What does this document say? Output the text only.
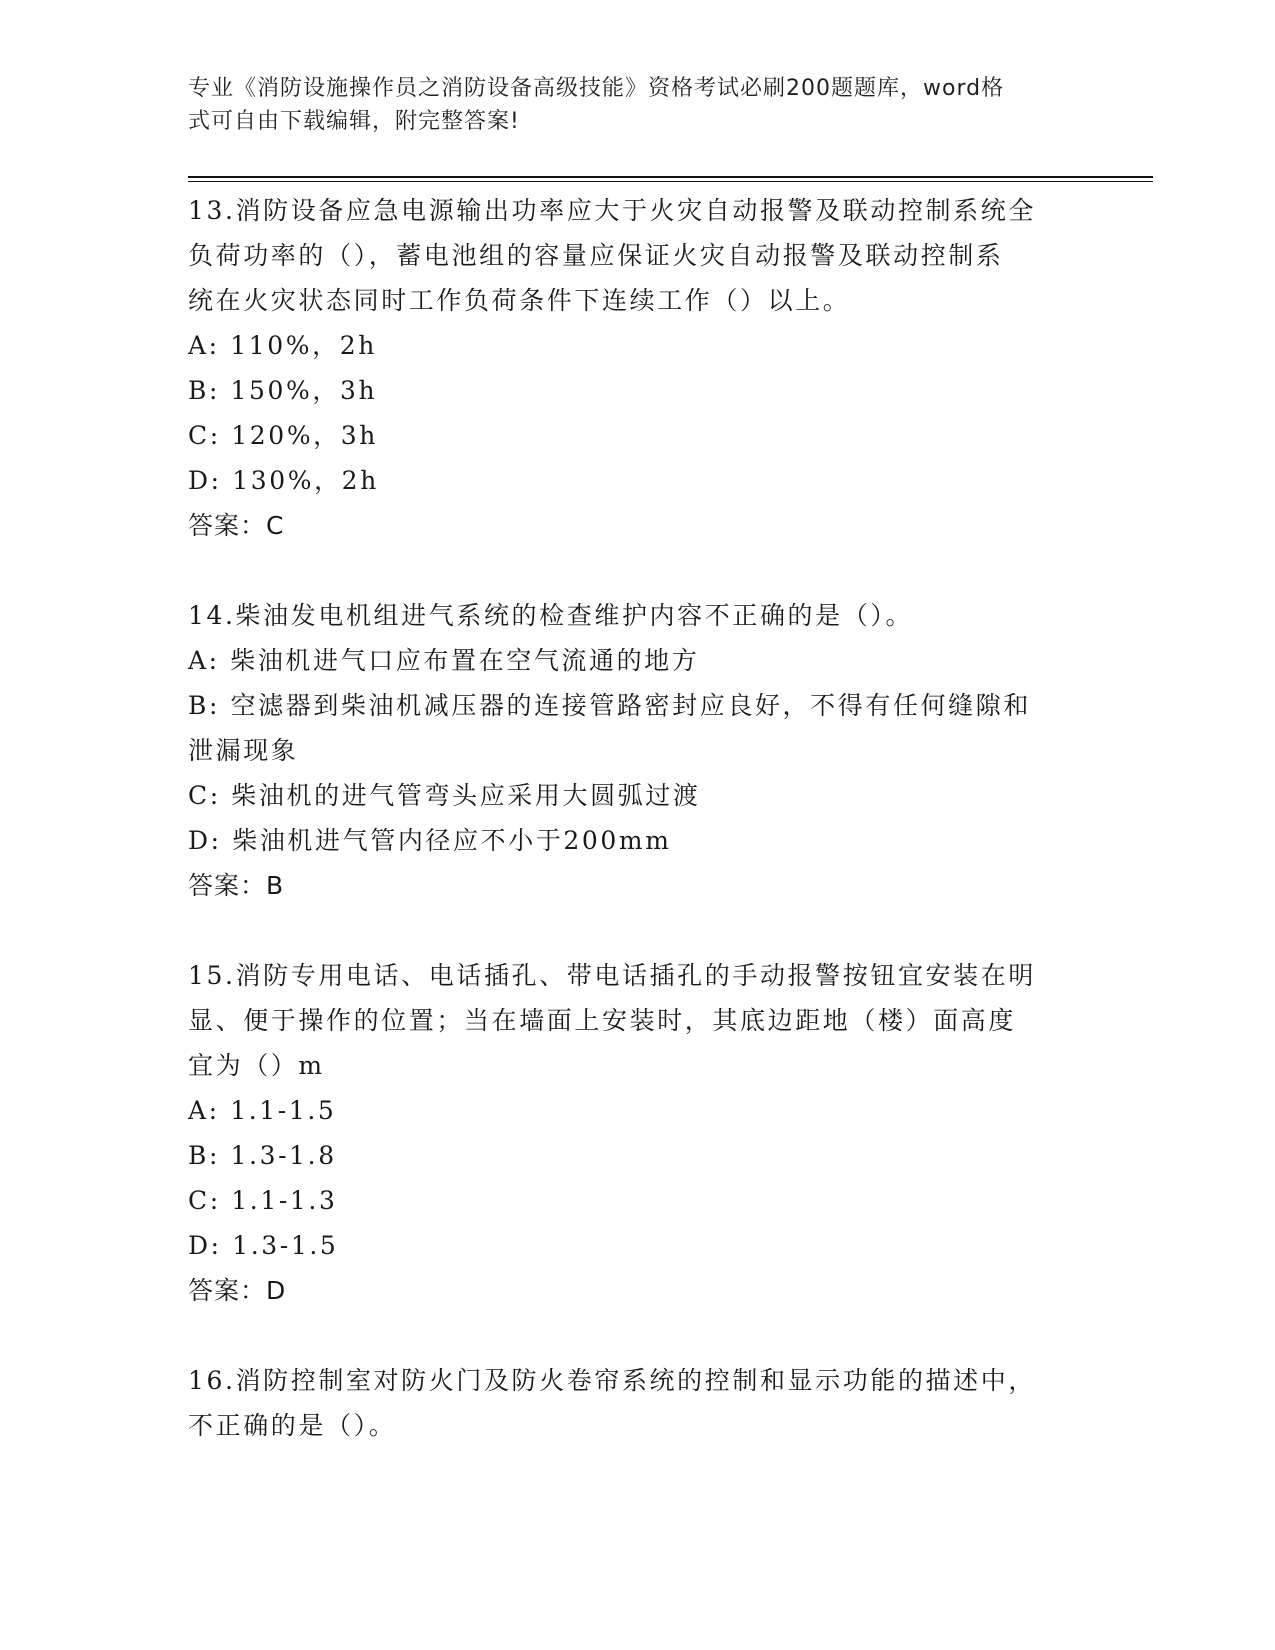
专业《消防设施操作员之消防设备高级技能》资格考试必刷200题题库，word格
式可自由下载编辑，附完整答案!

13.消防设备应急电源输出功率应大于火灾自动报警及联动控制系统全

负荷功率的（），蓄电池组的容量应保证火灾自动报警及联动控制系

统在火灾状态同时工作负荷条件下连续工作（）以上。

A: 110%，2h

B: 150%，3h

C: 120%，3h

D: 130%，2h

答案：C

14.柴油发电机组进气系统的检查维护内容不正确的是（）。

A: 柴油机进气口应布置在空气流通的地方

B: 空滤器到柴油机减压器的连接管路密封应良好，不得有任何缝隙和

泄漏现象

C: 柴油机的进气管弯头应采用大圆弧过渡

D: 柴油机进气管内径应不小于200mm

答案：B

15.消防专用电话、电话插孔、带电话插孔的手动报警按钮宜安装在明

显、便于操作的位置；当在墙面上安装时，其底边距地（楼）面高度

宜为（）m

A: 1.1-1.5

B: 1.3-1.8

C: 1.1-1.3

D: 1.3-1.5

答案：D

16.消防控制室对防火门及防火卷帘系统的控制和显示功能的描述中，

不正确的是（）。
